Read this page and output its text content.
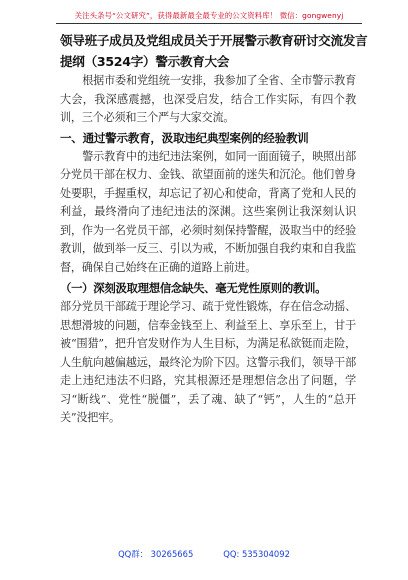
关注头条号“公文研究”，获得最新最全最专业的公文资料库！ 微信：gongwenyj
领导班子成员及党组成员关于开展警示教育研讨交流发言
提纲（3524字）警示教育大会

根据市委和党组统一安排，我参加了全省、全市警示教育大会，我深感震撼，也深受启发，结合工作实际，有四个教训，三个必须和三个严与大家交流。

一、通过警示教育，汲取违纪典型案例的经验教训

警示教育中的违纪违法案例，如同一面面镜子，映照出部分党员干部在权力、金钱、欲望面前的迷失和沉沦。他们曾身处要职，手握重权，却忘记了初心和使命，背离了党和人民的利益，最终滑向了违纪违法的深渊。这些案例让我深刻认识到，作为一名党员干部，必须时刻保持警醒，汲取当中的经验教训，做到举一反三、引以为戒，不断加强自我约束和自我监督，确保自己始终在正确的道路上前进。

（一）深刻汲取理想信念缺失、毫无党性原则的教训。

部分党员干部疏于理论学习、疏于党性锻炼，存在信念动摇、思想滑坡的问题，信奉金钱至上、利益至上、享乐至上，甘于被“围猎”，把升官发财作为人生目标，为满足私欲铤而走险，人生航向越偏越远，最终沦为阶下囚。这警示我们，领导干部走上违纪违法不归路，究其根源还是理想信念出了问题，学习“断线”、党性“脱僵”，丢了魂、缺了“钙”，人生的“总开关”没把牢。

QQ群： 30265665	QQ: 535304092
